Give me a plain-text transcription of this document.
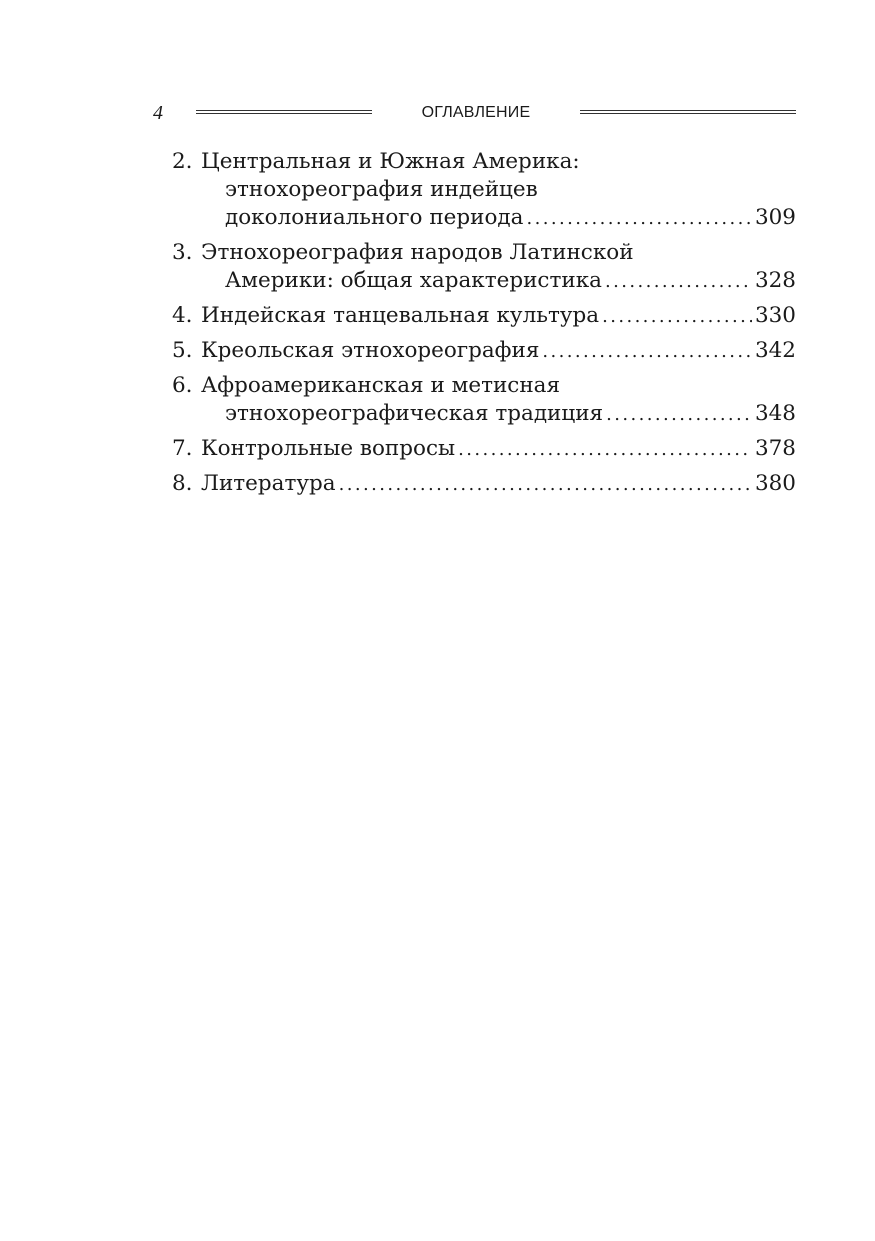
4	ОГЛАВЛЕНИЕ
2. Центральная и Южная Америка:
этнохореография индейцев
доколониального периода .....	309
3. Этнохореография народов Латинской
Америки: общая характеристика .....	328
4. Индейская танцевальная культура .....	330
5. Креольская этнохореография .....	342
6. Афроамериканская и метисная
этнохореографическая традиция .....	348
7. Контрольные вопросы .....	378
8. Литература .....	380
